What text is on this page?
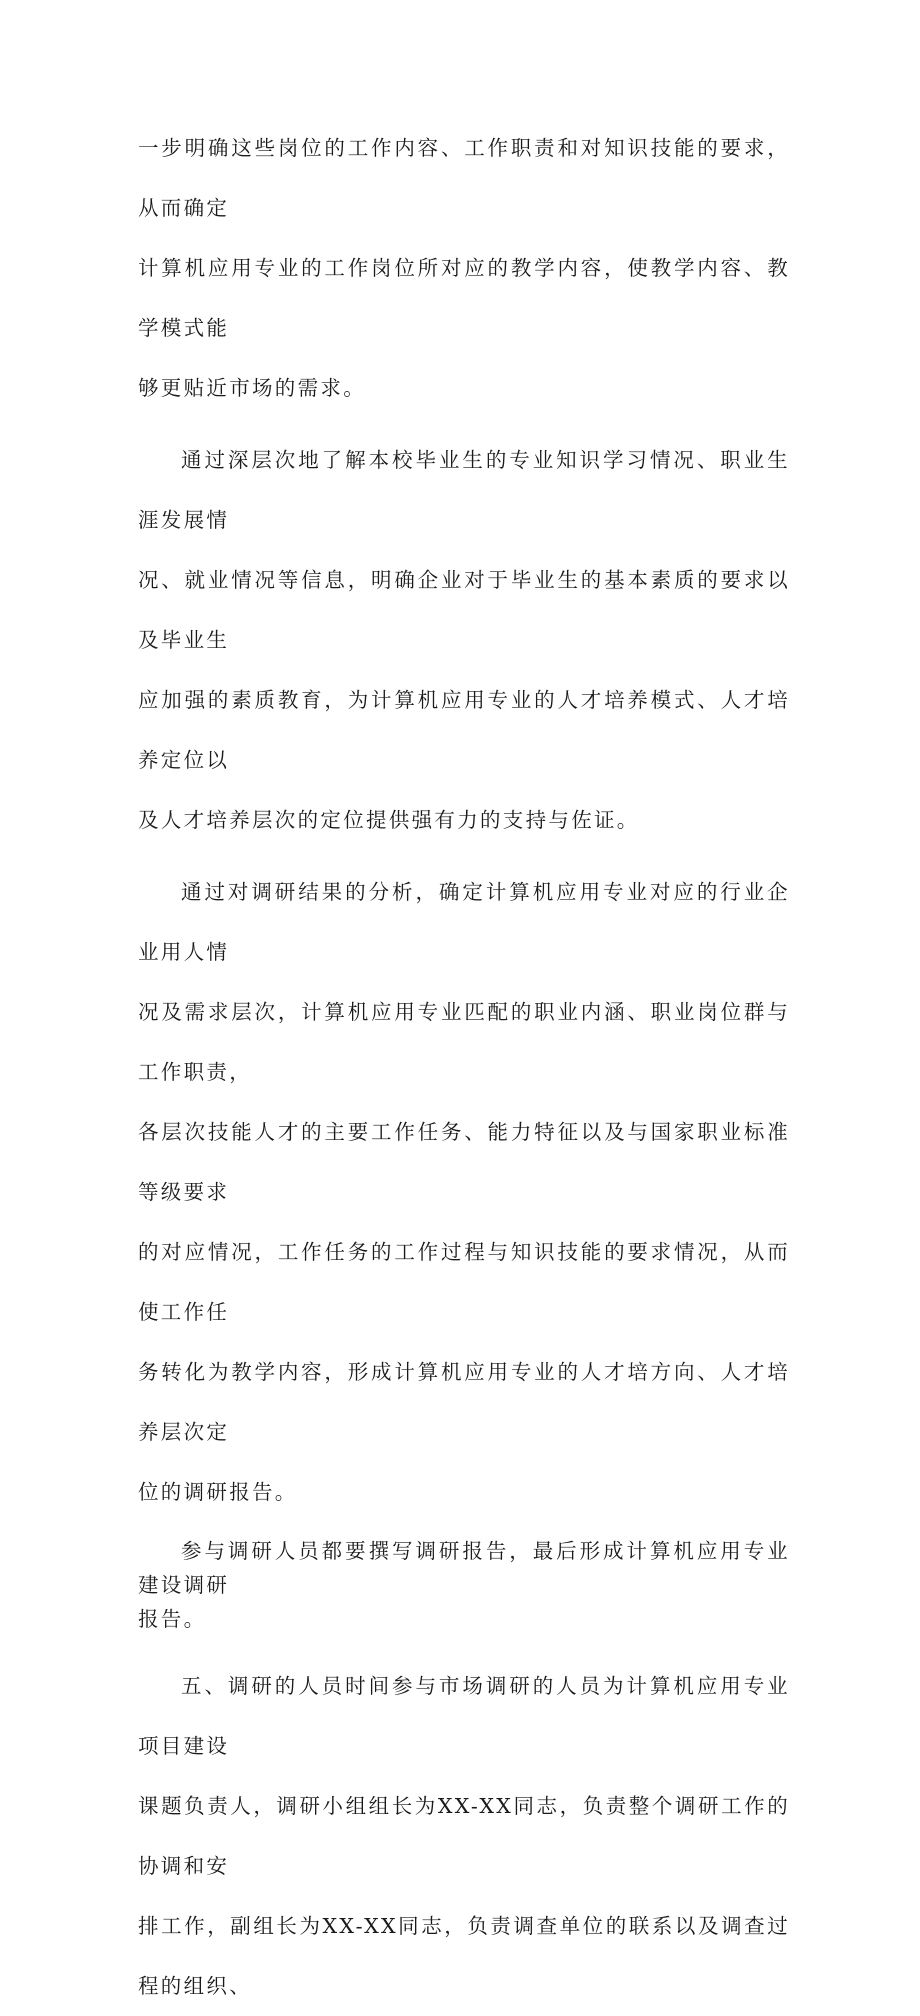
一步明确这些岗位的工作内容、工作职责和对知识技能的要求，从而确定
计算机应用专业的工作岗位所对应的教学内容，使教学内容、教学模式能
够更贴近市场的需求。

通过深层次地了解本校毕业生的专业知识学习情况、职业生涯发展情
况、就业情况等信息，明确企业对于毕业生的基本素质的要求以及毕业生
应加强的素质教育，为计算机应用专业的人才培养模式、人才培养定位以
及人才培养层次的定位提供强有力的支持与佐证。

通过对调研结果的分析，确定计算机应用专业对应的行业企业用人情
况及需求层次，计算机应用专业匹配的职业内涵、职业岗位群与工作职责，
各层次技能人才的主要工作任务、能力特征以及与国家职业标准等级要求
的对应情况，工作任务的工作过程与知识技能的要求情况，从而使工作任
务转化为教学内容，形成计算机应用专业的人才培方向、人才培养层次定
位的调研报告。

参与调研人员都要撰写调研报告，最后形成计算机应用专业建设调研
报告。

五、调研的人员时间参与市场调研的人员为计算机应用专业项目建设
课题负责人，调研小组组长为XX-XX同志，负责整个调研工作的协调和安
排工作，副组长为XX-XX同志，负责调查单位的联系以及调查过程的组织、
